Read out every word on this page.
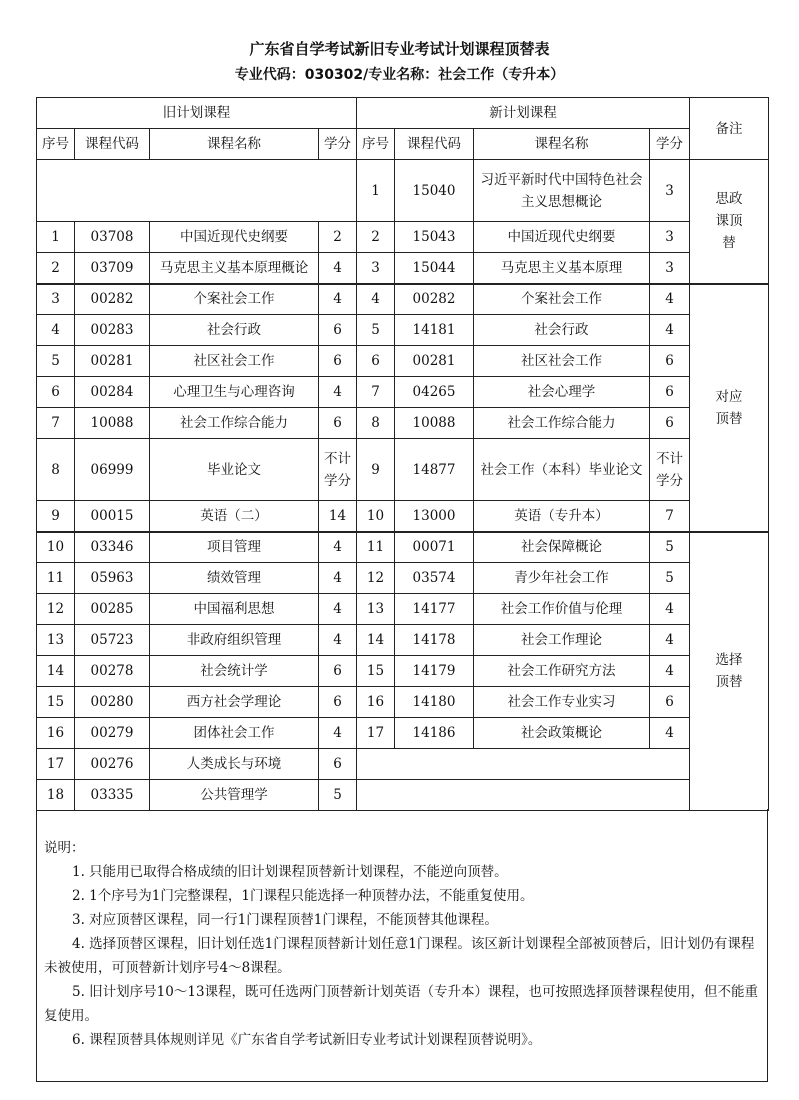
广东省自学考试新旧专业考试计划课程顶替表
专业代码：030302/专业名称：社会工作（专升本）
旧计划课程				新计划课程				备注
序号	课程代码	课程名称	学分	序号	课程代码	课程名称	学分	
				1	15040	习近平新时代中国特色社会主义思想概论	3	思政课顶替
1	03708	中国近现代史纲要	2	2	15043	中国近现代史纲要	3	
2	03709	马克思主义基本原理概论	4	3	15044	马克思主义基本原理	3	
3	00282	个案社会工作	4	4	00282	个案社会工作	4	对应顶替
4	00283	社会行政	6	5	14181	社会行政	4	
5	00281	社区社会工作	6	6	00281	社区社会工作	6	
6	00284	心理卫生与心理咨询	4	7	04265	社会心理学	6	
7	10088	社会工作综合能力	6	8	10088	社会工作综合能力	6	
8	06999	毕业论文	不计学分	9	14877	社会工作（本科）毕业论文	不计学分	
9	00015	英语（二）	14	10	13000	英语（专升本）	7	
10	03346	项目管理	4	11	00071	社会保障概论	5	选择顶替
11	05963	绩效管理	4	12	03574	青少年社会工作	5	
12	00285	中国福利思想	4	13	14177	社会工作价值与伦理	4	
13	05723	非政府组织管理	4	14	14178	社会工作理论	4	
14	00278	社会统计学	6	15	14179	社会工作研究方法	4	
15	00280	西方社会学理论	6	16	14180	社会工作专业实习	6	
16	00279	团体社会工作	4	17	14186	社会政策概论	4	
17	00276	人类成长与环境	6					
18	03335	公共管理学	5					

说明：

1. 只能用已取得合格成绩的旧计划课程顶替新计划课程，不能逆向顶替。

2. 1个序号为1门完整课程，1门课程只能选择一种顶替办法，不能重复使用。

3. 对应顶替区课程，同一行1门课程顶替1门课程，不能顶替其他课程。

4. 选择顶替区课程，旧计划任选1门课程顶替新计划任意1门课程。该区新计划课程全部被顶替后，旧计划仍有课程未被使用，可顶替新计划序号4～8课程。

5. 旧计划序号10～13课程，既可任选两门顶替新计划英语（专升本）课程，也可按照选择顶替课程使用，但不能重复使用。

6. 课程顶替具体规则详见《广东省自学考试新旧专业考试计划课程顶替说明》。
